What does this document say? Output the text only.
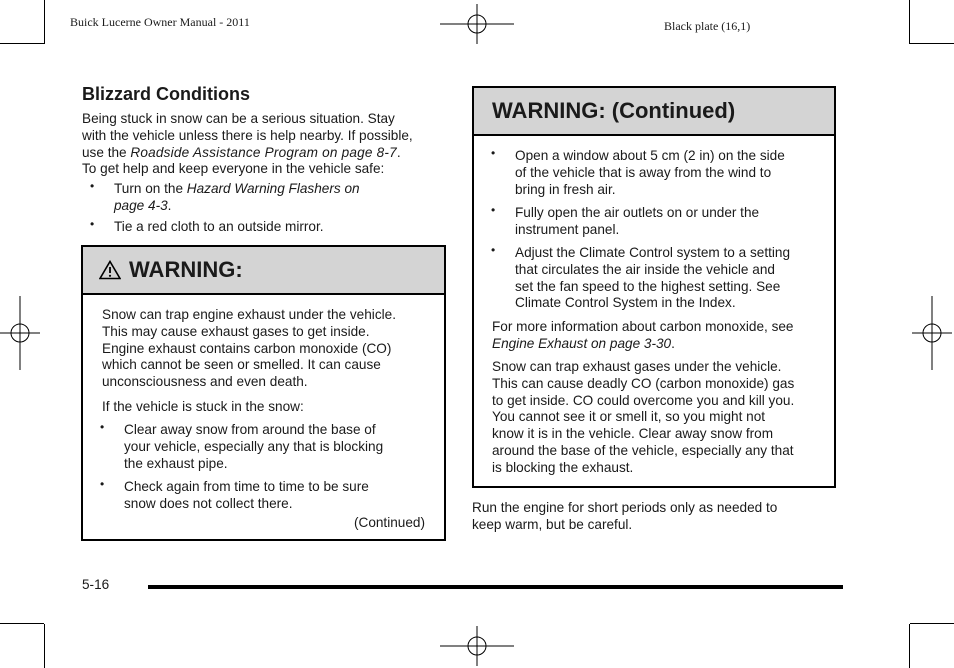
Buick Lucerne Owner Manual - 2011	Black plate (16,1)
Blizzard Conditions
Being stuck in snow can be a serious situation. Stay
with the vehicle unless there is help nearby. If possible,
use the Roadside Assistance Program on page 8-7.
To get help and keep everyone in the vehicle safe:
• Turn on the Hazard Warning Flashers on
page 4-3.
• Tie a red cloth to an outside mirror.
WARNING:
Snow can trap engine exhaust under the vehicle.
This may cause exhaust gases to get inside.
Engine exhaust contains carbon monoxide (CO)
which cannot be seen or smelled. It can cause
unconsciousness and even death.
If the vehicle is stuck in the snow:
• Clear away snow from around the base of
your vehicle, especially any that is blocking
the exhaust pipe.
• Check again from time to time to be sure
snow does not collect there.
(Continued)
WARNING: (Continued)
• Open a window about 5 cm (2 in) on the side
of the vehicle that is away from the wind to
bring in fresh air.
• Fully open the air outlets on or under the
instrument panel.
• Adjust the Climate Control system to a setting
that circulates the air inside the vehicle and
set the fan speed to the highest setting. See
Climate Control System in the Index.
For more information about carbon monoxide, see
Engine Exhaust on page 3-30.
Snow can trap exhaust gases under the vehicle.
This can cause deadly CO (carbon monoxide) gas
to get inside. CO could overcome you and kill you.
You cannot see it or smell it, so you might not
know it is in the vehicle. Clear away snow from
around the base of the vehicle, especially any that
is blocking the exhaust.
Run the engine for short periods only as needed to
keep warm, but be careful.
5-16
